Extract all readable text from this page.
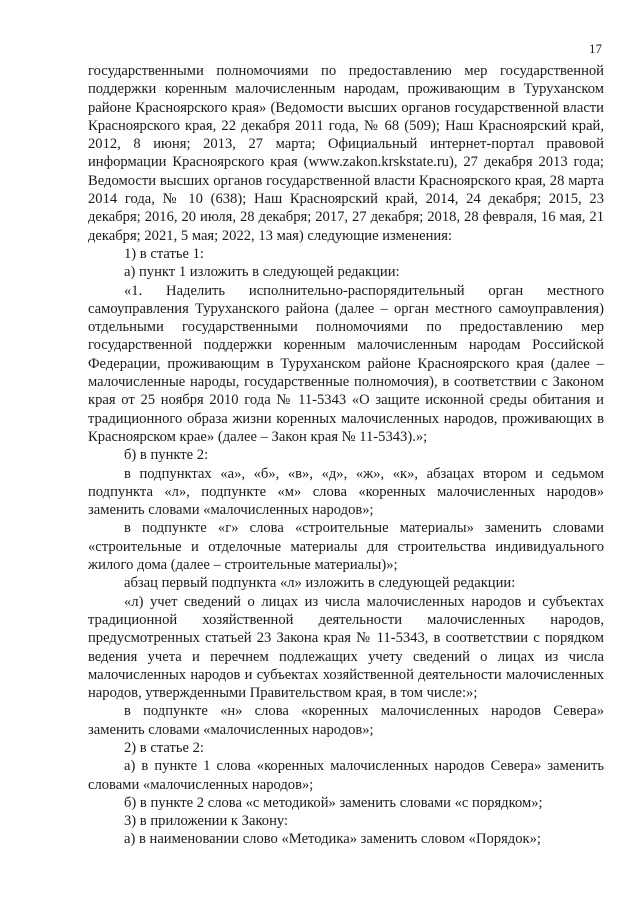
17

государственными полномочиями по предоставлению мер государственной поддержки коренным малочисленным народам, проживающим в Туруханском районе Красноярского края» (Ведомости высших органов государственной власти Красноярского края, 22 декабря 2011 года, № 68 (509); Наш Красноярский край, 2012, 8 июня; 2013, 27 марта; Официальный интернет-портал правовой информации Красноярского края (www.zakon.krskstate.ru), 27 декабря 2013 года; Ведомости высших органов государственной власти Красноярского края, 28 марта 2014 года, № 10 (638); Наш Красноярский край, 2014, 24 декабря; 2015, 23 декабря; 2016, 20 июля, 28 декабря; 2017, 27 декабря; 2018, 28 февраля, 16 мая, 21 декабря; 2021, 5 мая; 2022, 13 мая) следующие изменения:

1) в статье 1:

а) пункт 1 изложить в следующей редакции:

«1. Наделить исполнительно-распорядительный орган местного самоуправления Туруханского района (далее – орган местного самоуправления) отдельными государственными полномочиями по предоставлению мер государственной поддержки коренным малочисленным народам Российской Федерации, проживающим в Туруханском районе Красноярского края (далее – малочисленные народы, государственные полномочия), в соответствии с Законом края от 25 ноября 2010 года № 11-5343 «О защите исконной среды обитания и традиционного образа жизни коренных малочисленных народов, проживающих в Красноярском крае» (далее – Закон края № 11-5343).»;

б) в пункте 2:

в подпунктах «а», «б», «в», «д», «ж», «к», абзацах втором и седьмом подпункта «л», подпункте «м» слова «коренных малочисленных народов» заменить словами «малочисленных народов»;

в подпункте «г» слова «строительные материалы» заменить словами «строительные и отделочные материалы для строительства индивидуального жилого дома (далее – строительные материалы)»;

абзац первый подпункта «л» изложить в следующей редакции:

«л) учет сведений о лицах из числа малочисленных народов и субъектах традиционной хозяйственной деятельности малочисленных народов, предусмотренных статьей 23 Закона края № 11-5343, в соответствии с порядком ведения учета и перечнем подлежащих учету сведений о лицах из числа малочисленных народов и субъектах хозяйственной деятельности малочисленных народов, утвержденными Правительством края, в том числе:»;

в подпункте «н» слова «коренных малочисленных народов Севера» заменить словами «малочисленных народов»;

2) в статье 2:

а) в пункте 1 слова «коренных малочисленных народов Севера» заменить словами «малочисленных народов»;

б) в пункте 2 слова «с методикой» заменить словами «с порядком»;

3) в приложении к Закону:

а) в наименовании слово «Методика» заменить словом «Порядок»;
